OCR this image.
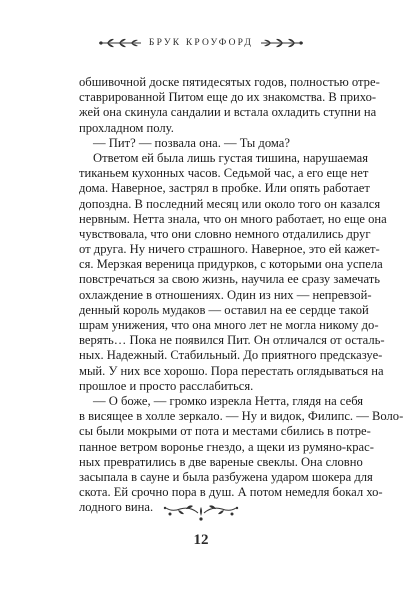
БРУК КРОУФОРД
обшивочной доске пятидесятых годов, полностью отре-
ставрированной Питом еще до их знакомства. В прихо-
жей она скинула сандалии и встала охладить ступни на
прохладном полу.
— Пит? — позвала она. — Ты дома?
Ответом ей была лишь густая тишина, нарушаемая
тиканьем кухонных часов. Седьмой час, а его еще нет
дома. Наверное, застрял в пробке. Или опять работает
допоздна. В последний месяц или около того он казался
нервным. Нетта знала, что он много работает, но еще она
чувствовала, что они словно немного отдалились друг
от друга. Ну ничего страшного. Наверное, это ей кажет-
ся. Мерзкая вереница придурков, с которыми она успела
повстречаться за свою жизнь, научила ее сразу замечать
охлаждение в отношениях. Один из них — непревзой-
денный король мудаков — оставил на ее сердце такой
шрам унижения, что она много лет не могла никому до-
верять… Пока не появился Пит. Он отличался от осталь-
ных. Надежный. Стабильный. До приятного предсказуе-
мый. У них все хорошо. Пора перестать оглядываться на
прошлое и просто расслабиться.
— О боже, — громко изрекла Нетта, глядя на себя
в висящее в холле зеркало. — Ну и видок, Филипс. — Воло-
сы были мокрыми от пота и местами сбились в потре-
панное ветром воронье гнездо, а щеки из румяно-крас-
ных превратились в две вареные свеклы. Она словно
засыпала в сауне и была разбужена ударом шокера для
скота. Ей срочно пора в душ. А потом немедля бокал хо-
лодного вина.
12
